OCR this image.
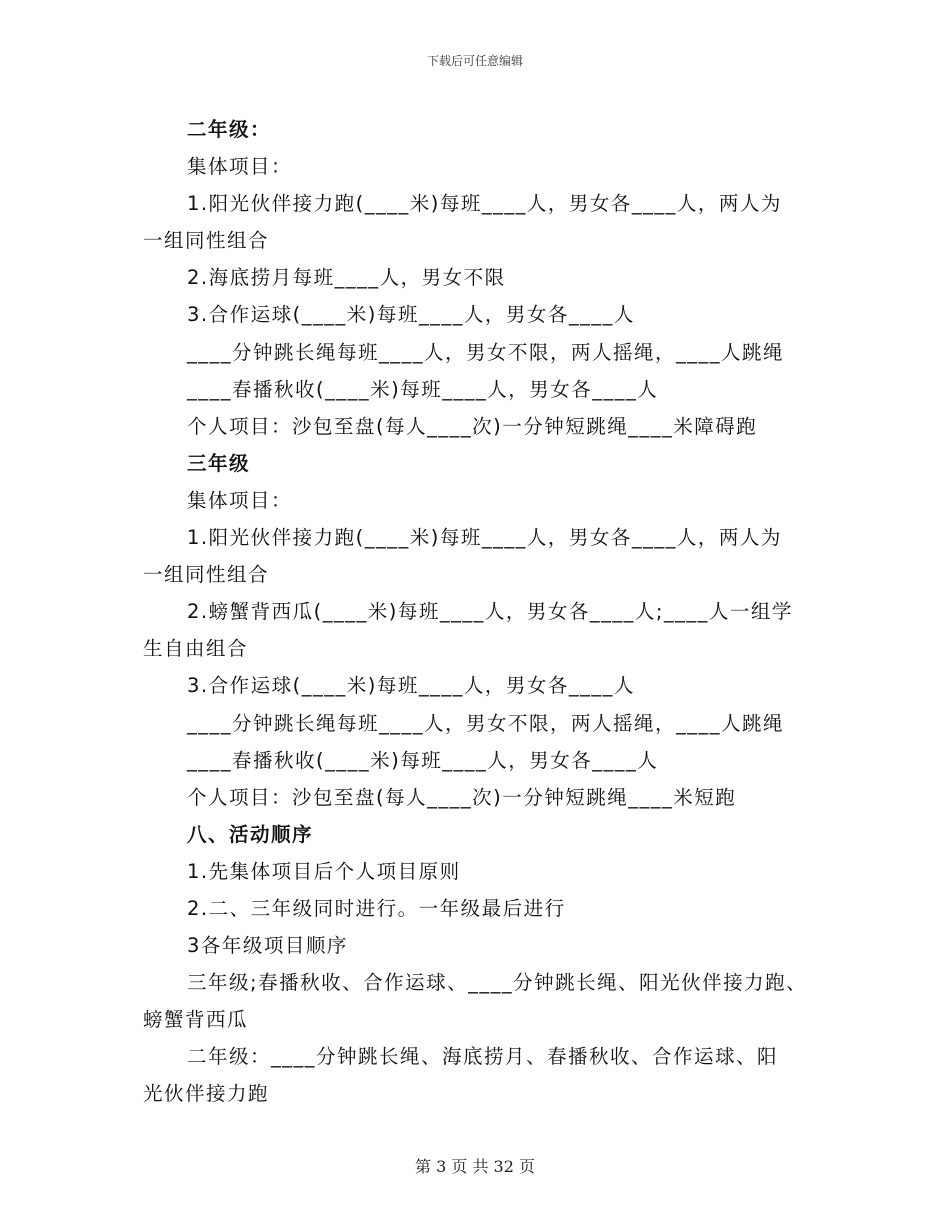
下载后可任意编辑
二年级：
集体项目：
1.阳光伙伴接力跑(____米)每班____人，男女各____人，两人为
一组同性组合
2.海底捞月每班____人，男女不限
3.合作运球(____米)每班____人，男女各____人
____分钟跳长绳每班____人，男女不限，两人摇绳，____人跳绳
____春播秋收(____米)每班____人，男女各____人
个人项目：沙包至盘(每人____次)一分钟短跳绳____米障碍跑
三年级
集体项目：
1.阳光伙伴接力跑(____米)每班____人，男女各____人，两人为
一组同性组合
2.螃蟹背西瓜(____米)每班____人，男女各____人;____人一组学
生自由组合
3.合作运球(____米)每班____人，男女各____人
____分钟跳长绳每班____人，男女不限，两人摇绳，____人跳绳
____春播秋收(____米)每班____人，男女各____人
个人项目：沙包至盘(每人____次)一分钟短跳绳____米短跑
八、活动顺序
1.先集体项目后个人项目原则
2.二、三年级同时进行。一年级最后进行
3各年级项目顺序
三年级;春播秋收、合作运球、____分钟跳长绳、阳光伙伴接力跑、
螃蟹背西瓜
二年级：____分钟跳长绳、海底捞月、春播秋收、合作运球、阳
光伙伴接力跑
第 3 页 共 32 页
